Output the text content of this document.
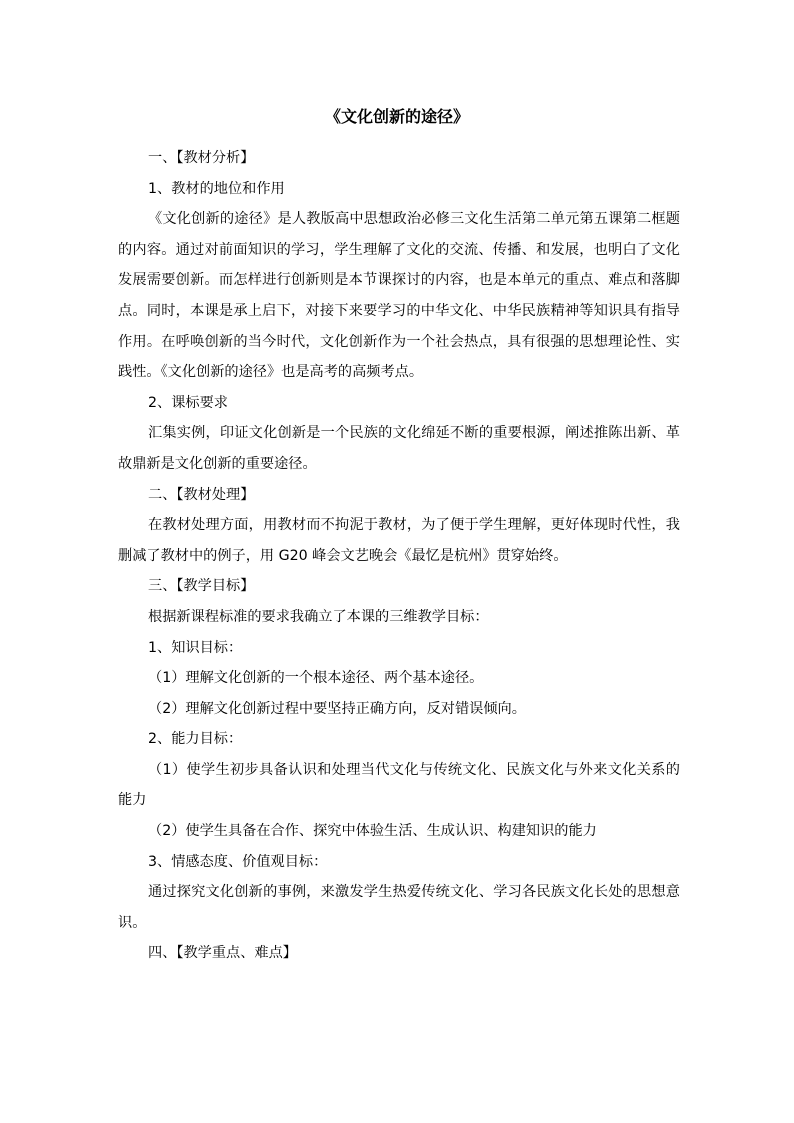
《文化创新的途径》

一、【教材分析】

1、教材的地位和作用

《文化创新的途径》是人教版高中思想政治必修三文化生活第二单元第五课第二框题的内容。通过对前面知识的学习，学生理解了文化的交流、传播、和发展，也明白了文化发展需要创新。而怎样进行创新则是本节课探讨的内容，也是本单元的重点、难点和落脚点。同时，本课是承上启下，对接下来要学习的中华文化、中华民族精神等知识具有指导作用。在呼唤创新的当今时代，文化创新作为一个社会热点，具有很强的思想理论性、实践性。《文化创新的途径》也是高考的高频考点。

2、课标要求

汇集实例，印证文化创新是一个民族的文化绵延不断的重要根源，阐述推陈出新、革故鼎新是文化创新的重要途径。

二、【教材处理】

在教材处理方面，用教材而不拘泥于教材，为了便于学生理解，更好体现时代性，我删减了教材中的例子，用 G20 峰会文艺晚会《最忆是杭州》贯穿始终。

三、【教学目标】

根据新课程标准的要求我确立了本课的三维教学目标：

1、知识目标：

（1）理解文化创新的一个根本途径、两个基本途径。

（2）理解文化创新过程中要坚持正确方向，反对错误倾向。

2、能力目标：

（1）使学生初步具备认识和处理当代文化与传统文化、民族文化与外来文化关系的能力

（2）使学生具备在合作、探究中体验生活、生成认识、构建知识的能力

3、情感态度、价值观目标：

通过探究文化创新的事例，来激发学生热爱传统文化、学习各民族文化长处的思想意识。

四、【教学重点、难点】
